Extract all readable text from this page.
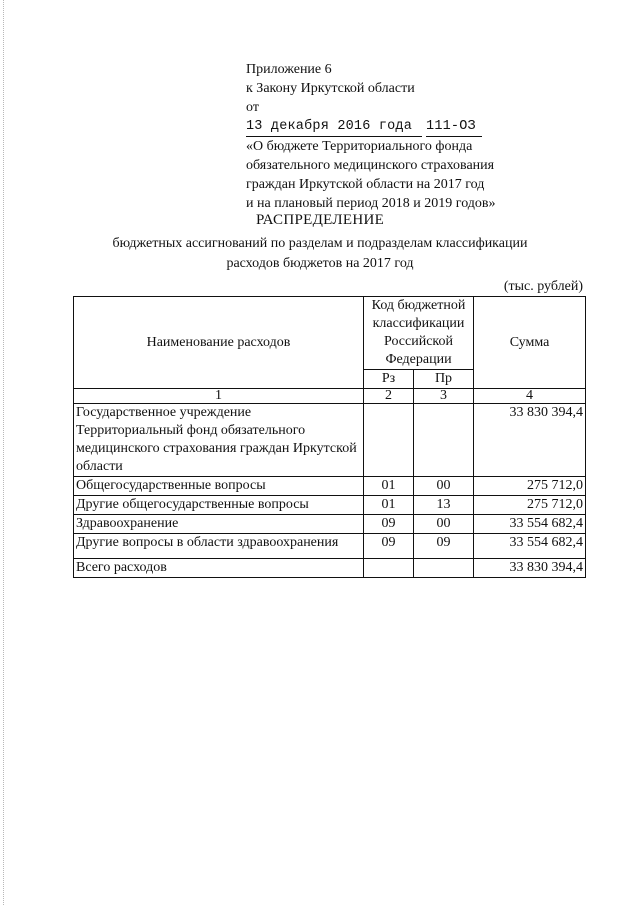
Приложение 6
к Закону Иркутской области
от
13 декабря 2016 года	111-ОЗ
«О бюджете Территориального фонда
обязательного медицинского страхования
граждан Иркутской области на 2017 год
и на плановый период 2018 и 2019 годов»
РАСПРЕДЕЛЕНИЕ
бюджетных ассигнований по разделам и подразделам классификации
расходов бюджетов на 2017 год
(тыс. рублей)
Наименование расходов	Код бюджетной классификации Российской Федерации		Сумма
	Рз	Пр	
1	2	3	4
Государственное учреждение Территориальный фонд обязательного медицинского страхования граждан Иркутской области			33 830 394,4
Общегосударственные вопросы	01	00	275 712,0
Другие общегосударственные вопросы	01	13	275 712,0
Здравоохранение	09	00	33 554 682,4
Другие вопросы в области здравоохранения	09	09	33 554 682,4
Всего расходов			33 830 394,4
